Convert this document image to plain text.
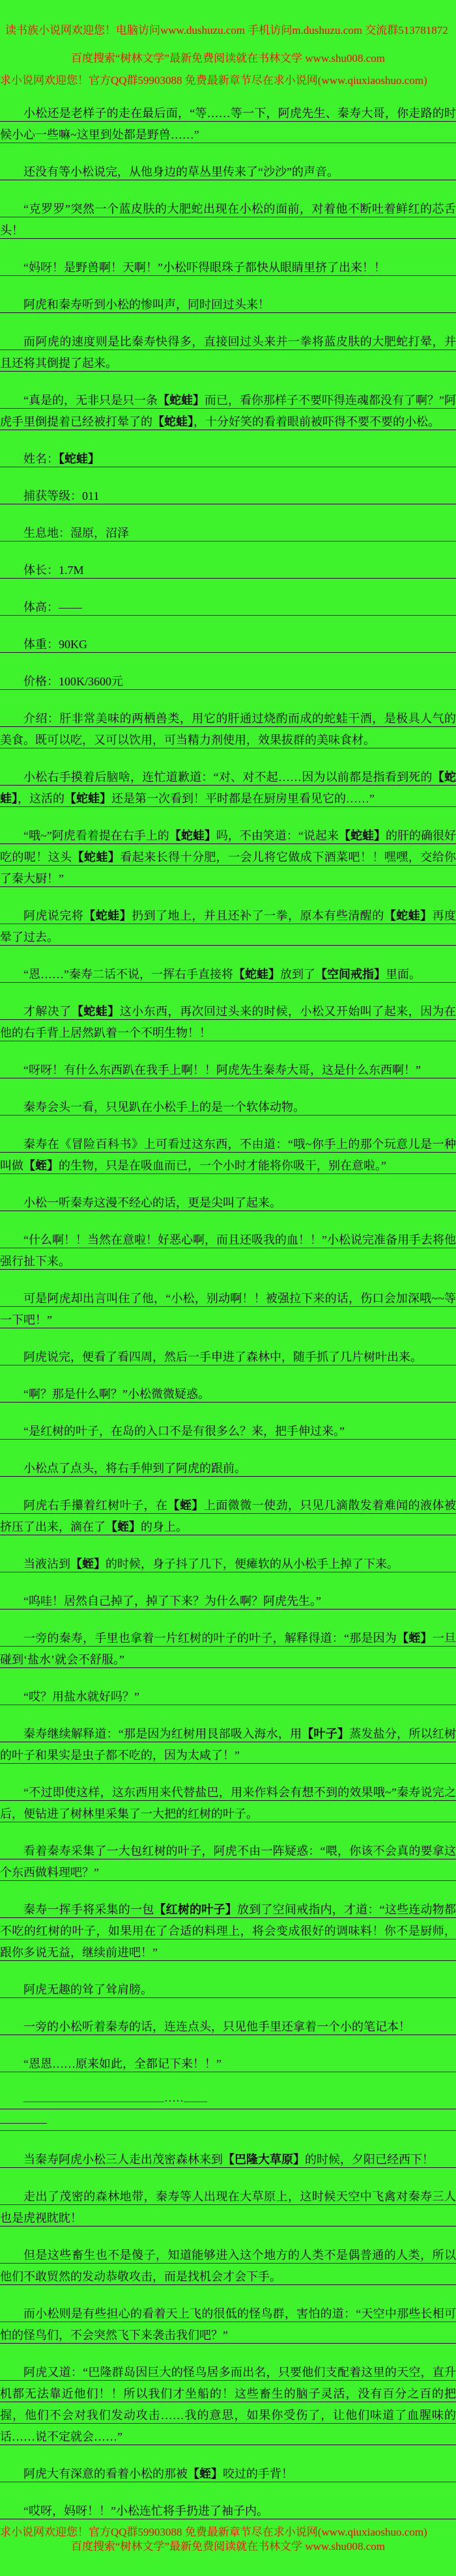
读书族小说网欢迎您！电脑访问www.dushuzu.com 手机访问m.dushuzu.com 交流群513781872
百度搜索“树林文学”最新免费阅读就在书林文学 www.shu008.com
求小说网欢迎您！官方QQ群59903088 免费最新章节尽在求小说网(www.qiuxiaoshuo.com)

小松还是老样子的走在最后面，“等……等一下，阿虎先生、秦寿大哥，你走路的时候小心一些嘛~这里到处都是野兽……”

还没有等小松说完，从他身边的草丛里传来了“沙沙”的声音。

“克罗罗”突然一个蓝皮肤的大肥蛇出现在小松的面前，对着他不断吐着鲜红的芯舌头！

“妈呀！是野兽啊！天啊！”小松吓得眼珠子都快从眼睛里挤了出来！！

阿虎和秦寿听到小松的惨叫声，同时回过头来！

而阿虎的速度则是比秦寿快得多，直接回过头来并一拳将蓝皮肤的大肥蛇打晕，并且还将其倒提了起来。

“真是的，无非只是只一条【蛇蛙】而已，看你那样子不要吓得连魂都没有了啊？”阿虎手里倒提着已经被打晕了的【蛇蛙】，十分好笑的看着眼前被吓得不要不要的小松。

姓名：【蛇蛙】

捕获等级：011

生息地：湿原，沼泽

体长：1.7M

体高：——

体重：90KG

价格：100K/3600元

介绍：肝非常美味的两栖兽类，用它的肝通过烧酌而成的蛇蛙干酒，是极具人气的美食。既可以吃，又可以饮用，可当精力剂使用，效果拔群的美味食材。

小松右手摸着后脑啥，连忙道歉道：“对、对不起……因为以前都是指看到死的【蛇蛙】，这活的【蛇蛙】还是第一次看到！平时都是在厨房里看见它的……”

“哦~”阿虎看着提在右手上的【蛇蛙】吗，不由笑道：“说起来【蛇蛙】的肝的确很好吃的呢！这头【蛇蛙】看起来长得十分肥，一会儿将它做成下酒菜吧！！嘿嘿，交给你了秦大厨！”

阿虎说完将【蛇蛙】扔到了地上，并且还补了一拳，原本有些清醒的【蛇蛙】再度晕了过去。

“恩……”秦寿二话不说，一挥右手直接将【蛇蛙】放到了【空间戒指】里面。

才解决了【蛇蛙】这小东西，再次回过头来的时候，小松又开始叫了起来，因为在他的右手背上居然趴着一个不明生物！！

“呀呀！有什么东西趴在我手上啊！！阿虎先生秦寿大哥，这是什么东西啊！”

秦寿会头一看，只见趴在小松手上的是一个软体动物。

秦寿在《冒险百科书》上可看过这东西，不由道：“哦~你手上的那个玩意儿是一种叫做【蛭】的生物，只是在吸血而已，一个小时才能将你吸干，别在意啦。”

小松一听秦寿这漫不经心的话，更是尖叫了起来。

“什么啊！！当然在意啦！好恶心啊，而且还吸我的血！！”小松说完准备用手去将他强行扯下来。

可是阿虎却出言叫住了他，“小松，别动啊！！被强拉下来的话，伤口会加深哦~~等一下吧！”

阿虎说完，便看了看四周，然后一手申进了森林中，随手抓了几片树叶出来。

“啊？那是什么啊？”小松微微疑惑。

“是红树的叶子，在岛的入口不是有很多么？来，把手伸过来。”

小松点了点头，将右手伸到了阿虎的跟前。

阿虎右手攥着红树叶子，在【蛭】上面微微一使劲，只见几滴散发着难闻的液体被挤压了出来，滴在了【蛭】的身上。

当液沾到【蛭】的时候，身子抖了几下，便瘫软的从小松手上掉了下来。

“呜哇！居然自己掉了，掉了下来？为什么啊？阿虎先生。”

一旁的秦寿，手里也拿着一片红树的叶子的叶子，解释得道：“那是因为【蛭】一旦碰到‘盐水’就会不舒服。”

“哎？用盐水就好吗？”

秦寿继续解释道：“那是因为红树用艮部吸入海水，用【叶子】蒸发盐分，所以红树的叶子和果实是虫子都不吃的，因为太咸了！”

“不过即使这样，这东西用来代替盐巴，用来作料会有想不到的效果哦~”秦寿说完之后，便钻进了树林里采集了一大把的红树的叶子。

看着秦寿采集了一大包红树的叶子，阿虎不由一阵疑惑：“喂，你该不会真的要拿这个东西做料理吧？”

秦寿一挥手将采集的一包【红树的叶子】放到了空间戒指内，才道：“这些连动物都不吃的红树的叶子，如果用在了合适的料理上，将会变成很好的调味料！你不是厨师，跟你多说无益，继续前进吧！”

阿虎无趣的耸了耸肩膀。

一旁的小松听着秦寿的话，连连点头，只见他手里还拿着一个小的笔记本！

“恩恩……原来如此，全都记下来！！”

————————————·····——
————

当秦寿阿虎小松三人走出茂密森林来到【巴隆大草原】的时候，夕阳已经西下！

走出了茂密的森林地带，秦寿等人出现在大草原上，这时候天空中飞禽对秦寿三人也是虎视眈眈！

但是这些畜生也不是傻子，知道能够进入这个地方的人类不是偶普通的人类，所以他们不敢贸然的发动恭敬攻击，而是找机会才会下手。

而小松则是有些担心的看着天上飞的很低的怪鸟群，害怕的道：“天空中那些长相可怕的怪鸟们，不会突然飞下来袭击我们吧？”

阿虎又道：“巴隆群岛因巨大的怪鸟居多而出名，只要他们支配着这里的天空，直升机都无法靠近他们！！所以我们才坐船的！这些畜生的脑子灵活，没有百分之百的把握，他们不会对我们发动攻击……我的意思，如果你受伤了，让他们味道了血腥味的话……说不定就会……”

阿虎大有深意的看着小松的那被【蛭】咬过的手背！

“哎呀，妈呀！！”小松连忙将手扔进了袖子内。

求小说网欢迎您！官方QQ群59903088 免费最新章节尽在求小说网(www.qiuxiaoshuo.com)
百度搜索“树林文学”最新免费阅读就在书林文学 www.shu008.com
